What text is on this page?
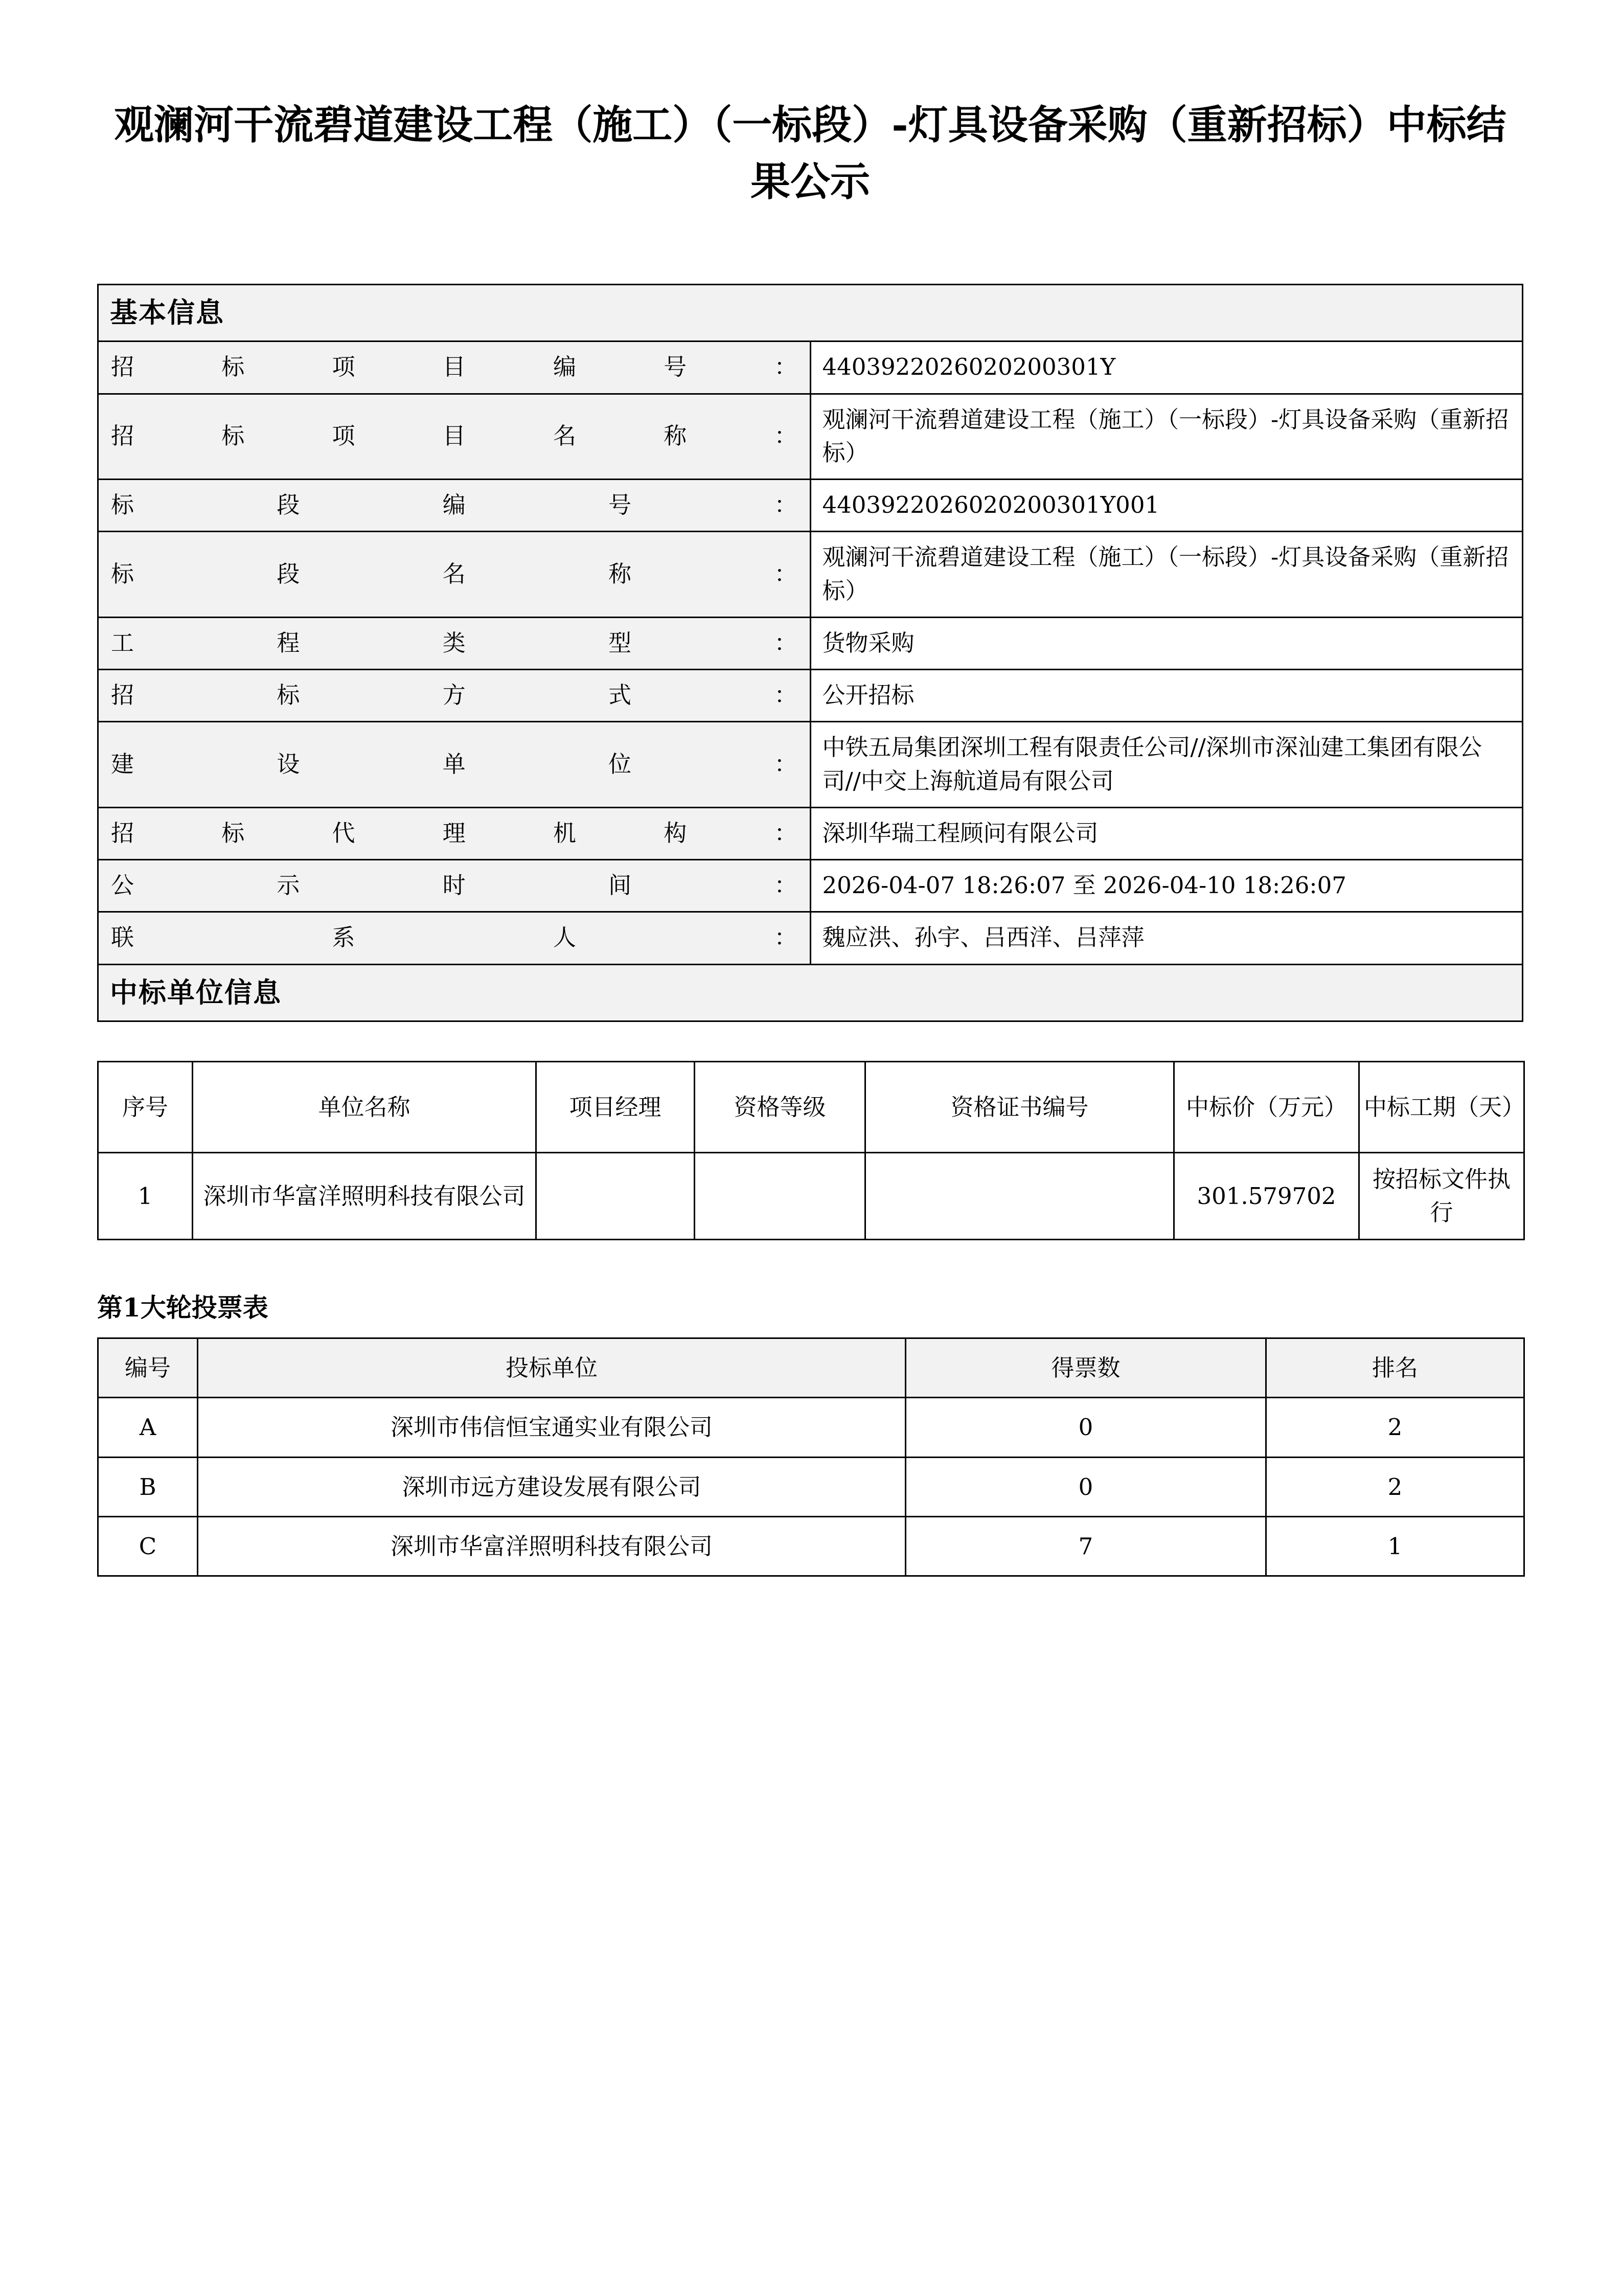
观澜河干流碧道建设工程（施工）（一标段）-灯具设备采购（重新招标）中标结果公示
基本信息	
招标项目编号：	4403922026020200301Y
招标项目名称：	观澜河干流碧道建设工程（施工）（一标段）-灯具设备采购（重新招标）
标段编号：	4403922026020200301Y001
标段名称：	观澜河干流碧道建设工程（施工）（一标段）-灯具设备采购（重新招标）
工程类型：	货物采购
招标方式：	公开招标
建设单位：	中铁五局集团深圳工程有限责任公司//深圳市深汕建工集团有限公司//中交上海航道局有限公司
招标代理机构：	深圳华瑞工程顾问有限公司
公示时间：	2026-04-07 18:26:07 至 2026-04-10 18:26:07
联系人：	魏应洪、孙宇、吕西洋、吕萍萍
中标单位信息	
序号	单位名称	项目经理	资格等级	资格证书编号	中标价（万元）	中标工期（天）
1	深圳市华富洋照明科技有限公司				301.579702	按招标文件执行
第1大轮投票表
编号	投标单位	得票数	排名
A	深圳市伟信恒宝通实业有限公司	0	2
B	深圳市远方建设发展有限公司	0	2
C	深圳市华富洋照明科技有限公司	7	1
